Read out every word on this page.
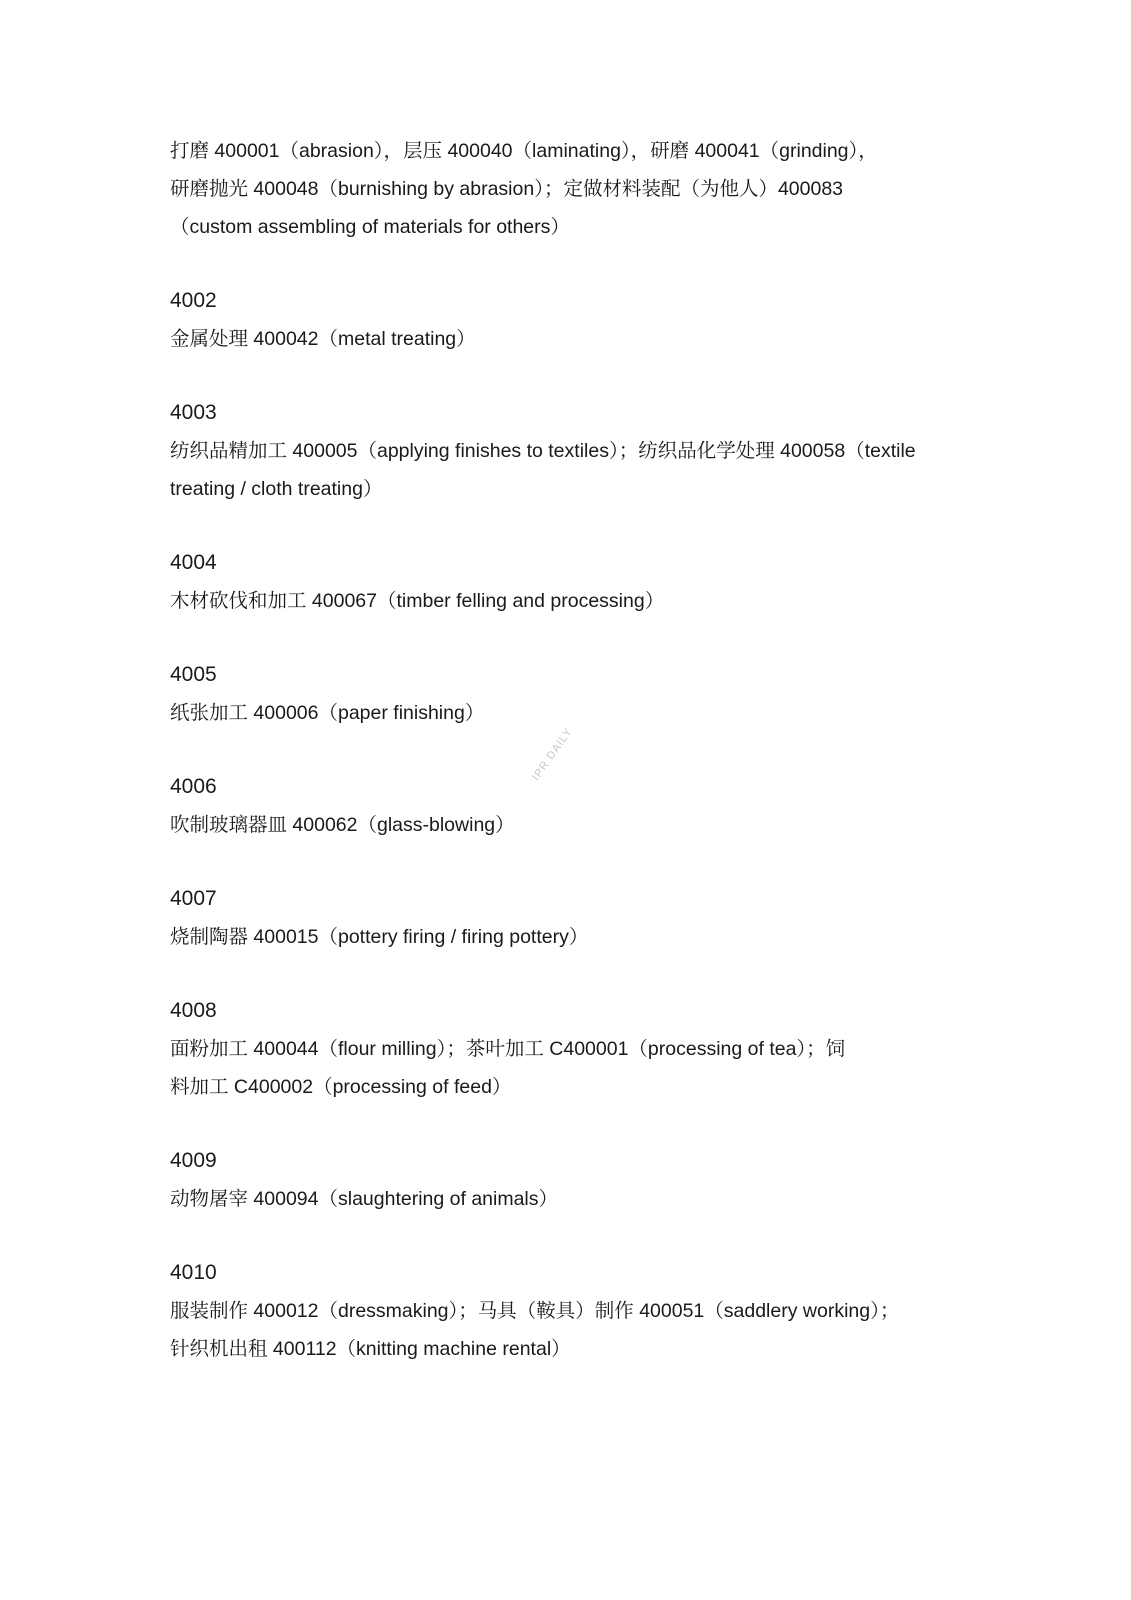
打磨 400001（abrasion），层压 400040（laminating），研磨 400041（grinding），

研磨抛光 400048（burnishing by abrasion）；定做材料装配（为他人）400083

（custom assembling of materials for others）

4002

金属处理 400042（metal treating）

4003

纺织品精加工 400005（applying finishes to textiles）；纺织品化学处理 400058（textile

treating / cloth treating）

4004

木材砍伐和加工 400067（timber felling and processing）

4005

纸张加工 400006（paper finishing）

4006

吹制玻璃器皿 400062（glass-blowing）

4007

烧制陶器 400015（pottery firing / firing pottery）

4008

面粉加工 400044（flour milling）；茶叶加工 C400001（processing of tea）；饲

料加工 C400002（processing of feed）

4009

动物屠宰 400094（slaughtering of animals）

4010

服装制作 400012（dressmaking）；马具（鞍具）制作 400051（saddlery working）；

针织机出租 400112（knitting machine rental）

IPR DAILY
